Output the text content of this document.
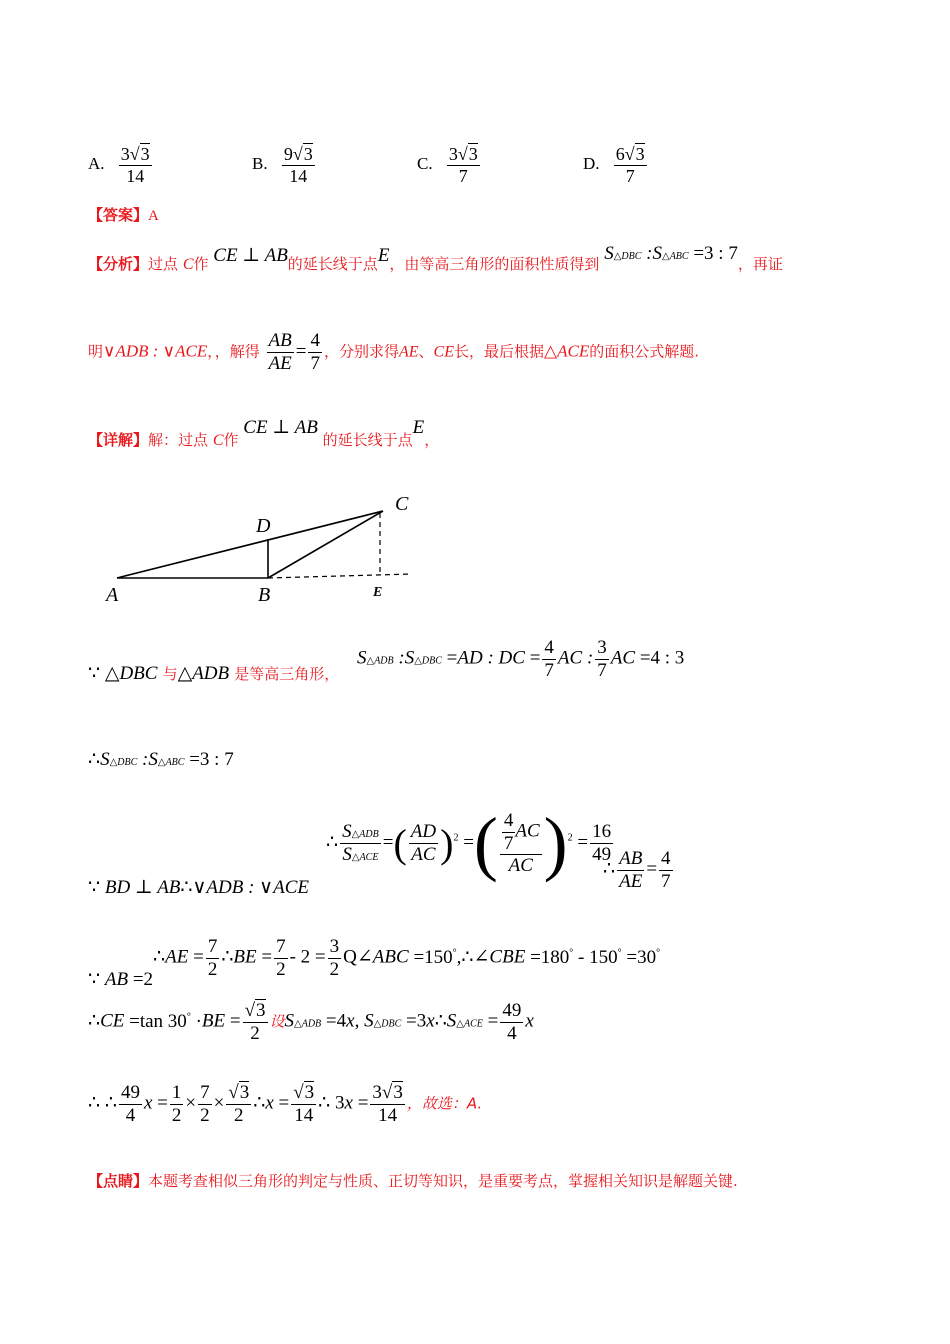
A. $\frac{3√3}{14}$	B. $\frac{9√3}{14}$	C. $\frac{3√3}{7}$	D. $\frac{6√3}{7}$
【答案】A
【分析】过点 C作 CE ⊥ AB的延长线于点E，由等高三角形的面积性质得到 S△DBC :S△ABC =3 : 7，再证
明∨ADB : ∨ACE，，解得 $\frac{AB}{AE} = \frac{4}{7}$ ，分别求得AE、CE长，最后根据△ACE的面积公式解题.
【详解】解：过点 C作 CE ⊥ AB 的延长线于点E，
A	B
D
C
E
∵ △DBC 与△ADB 是等高三角形，
S△ADB :S△DBC =AD : DC = $\frac{4}{7}$ AC : $\frac{3}{7}$ AC =4 : 3
∴S△DBC :S△ABC =3 : 7
∴ $\frac{\text{S△ADB}}{\text{S△ACE}}$ =( $\frac{AD}{AC} )^2$ =( $\frac{\frac{4}{7} AC}{AC} )^2 = \frac{16}{49}$
∵ BD ⊥ AB∴∨ADB : ∨ACE
∴ $\frac{AB}{AE} = \frac{4}{7}$
∵ AB =2∴AE = $\frac{7}{2}$ ∴BE = $\frac{7}{2} - 2 = \frac{3}{2}$ Q∠ABC =150°,∴∠CBE =180° - 150° =30°
∴CE =tan $30^\circ \cdot BE = \frac{√3}{2}$ 设S△ADB =4x, S△DBC =3x∴S△ACE = $\frac{49}{4}$ x
∴ ∴ $\frac{49}{4}$ $x = \frac{1}{2} \times \frac{7}{2} \times \frac{√3}{2}$ ∴x = $\frac{√3}{14}$ ∴ $3x = \frac{3√3}{14}$ ，故选：A.
【点睛】本题考查相似三角形的判定与性质、正切等知识，是重要考点，掌握相关知识是解题关键.
